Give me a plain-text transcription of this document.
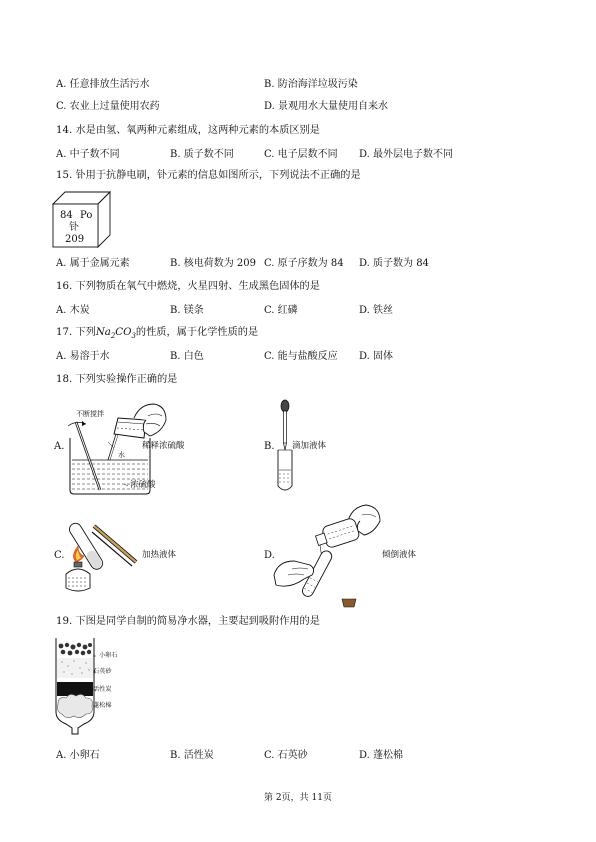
A. 任意排放生活污水	B. 防治海洋垃圾污染
C. 农业上过量使用农药	D. 景观用水大量使用自来水
14. 水是由氢、氧两种元素组成，这两种元素的本质区别是
A. 中子数不同	B. 质子数不同	C. 电子层数不同 D. 最外层电子数不同
15. 钋用于抗静电刷，钋元素的信息如图所示，下列说法不正确的是
84 Po
钋
209
A. 属于金属元素	B. 核电荷数为 209 C. 原子序数为 84 D. 质子数为 84
16. 下列物质在氧气中燃烧，火星四射、生成黑色固体的是
A. 木炭	B. 镁条	C. 红磷	D. 铁丝
17. 下列$Na_2CO_3$的性质，属于化学性质的是
A. 易溶于水	B. 白色	C. 能与盐酸反应 D. 固体
18. 下列实验操作正确的是
A.
不断搅拌
水
稀释浓硫酸
浓硫酸
B. 滴加液体
C.	加热液体	D.	倾倒液体
19. 下图是同学自制的简易净水器，主要起到吸附作用的是
小卵石
石英砂
活性炭
蓬松棉
A. 小卵石	B. 活性炭	C. 石英砂	D. 蓬松棉
第 2页，共 11页
